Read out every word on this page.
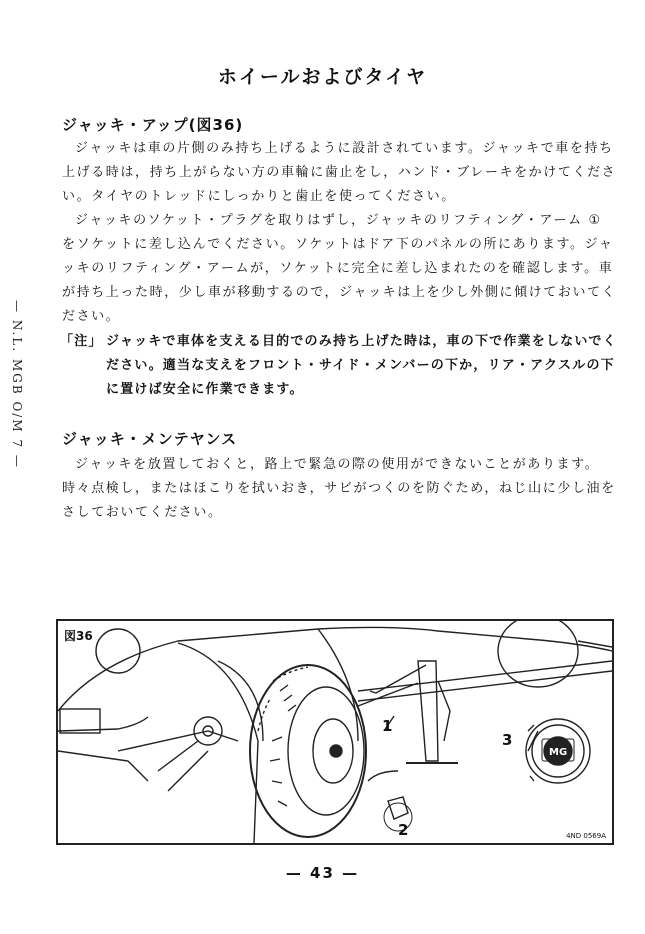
— N.L. MGB O/M 7 —
ホイールおよびタイヤ
ジャッキ・アップ(図36)

ジャッキは車の片側のみ持ち上げるように設計されています。ジャッキで車を持ち上げる時は，持ち上がらない方の車輪に歯止をし，ハンド・ブレーキをかけてください。タイヤのトレッドにしっかりと歯止を使ってください。

ジャッキのソケット・プラグを取りはずし，ジャッキのリフティング・アーム ① をソケットに差し込んでください。ソケットはドア下のパネルの所にあります。ジャッキのリフティング・アームが，ソケットに完全に差し込まれたのを確認します。車が持ち上った時，少し車が移動するので，ジャッキは上を少し外側に傾けておいてください。

「注」 ジャッキで車体を支える目的でのみ持ち上げた時は，車の下で作業をしないでください。適当な支えをフロント・サイド・メンバーの下か，リア・アクスルの下に置けば安全に作業できます。
ジャッキ・メンテヤンス

ジャッキを放置しておくと，路上で緊急の際の使用ができないことがあります。時々点検し，またはほこりを拭いおき，サビがつくのを防ぐため，ねじ山に少し油をさしておいてください。

図36
MG
1
2
3
4ND 0569A
— 43 —
